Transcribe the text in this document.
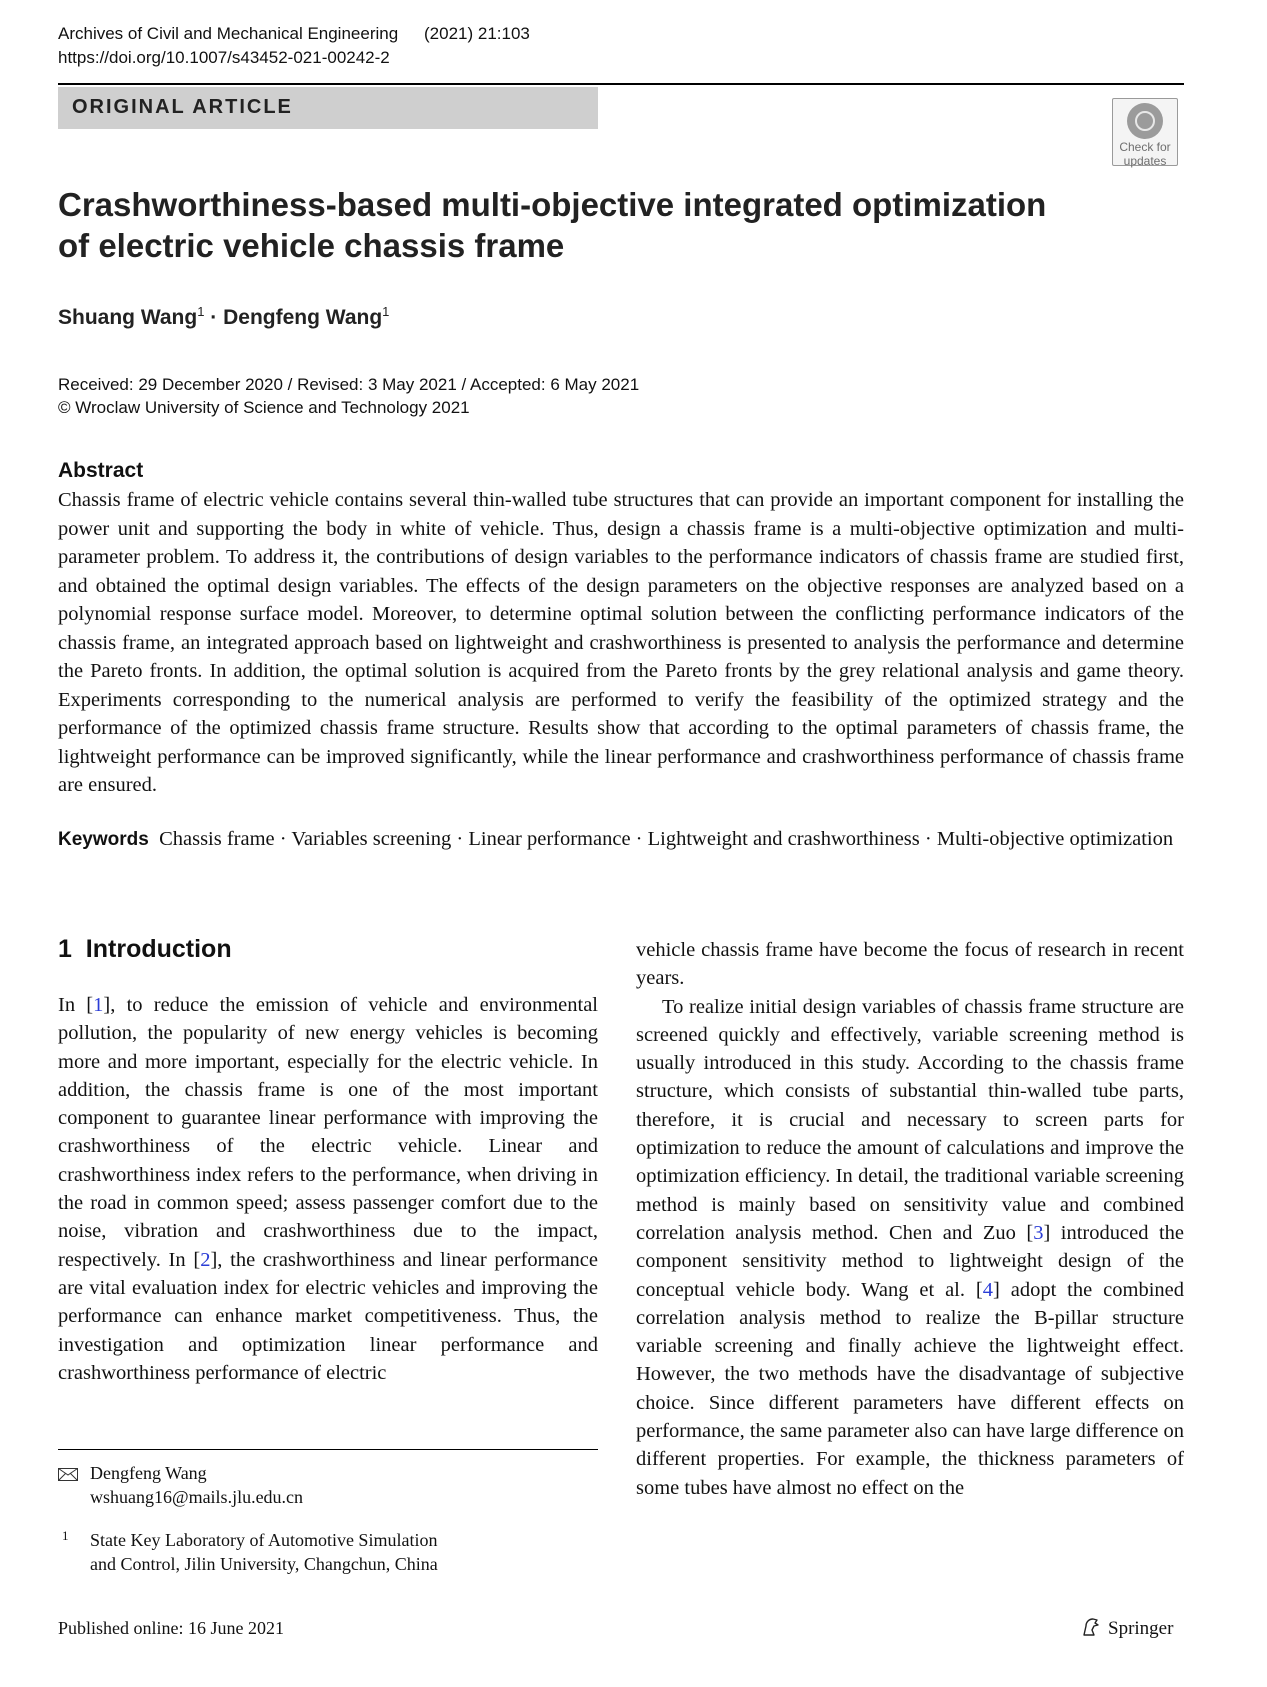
Archives of Civil and Mechanical Engineering (2021) 21:103
https://doi.org/10.1007/s43452-021-00242-2
ORIGINAL ARTICLE
Check for
updates
Crashworthiness-based multi-objective integrated optimization
of electric vehicle chassis frame
Shuang Wang$^1$ · Dengfeng Wang$^1$
Received: 29 December 2020 / Revised: 3 May 2021 / Accepted: 6 May 2021
© Wroclaw University of Science and Technology 2021
Abstract
Chassis frame of electric vehicle contains several thin-walled tube structures that can provide an important component for installing the power unit and supporting the body in white of vehicle. Thus, design a chassis frame is a multi-objective optimization and multi-parameter problem. To address it, the contributions of design variables to the performance indicators of chassis frame are studied first, and obtained the optimal design variables. The effects of the design parameters on the objective responses are analyzed based on a polynomial response surface model. Moreover, to determine optimal solution between the conflicting performance indicators of the chassis frame, an integrated approach based on lightweight and crashworthiness is presented to analysis the performance and determine the Pareto fronts. In addition, the optimal solution is acquired from the Pareto fronts by the grey relational analysis and game theory. Experiments corresponding to the numerical analysis are performed to verify the feasibility of the optimized strategy and the performance of the optimized chassis frame structure. Results show that according to the optimal parameters of chassis frame, the lightweight performance can be improved significantly, while the linear performance and crashworthiness performance of chassis frame are ensured.
Keywords Chassis frame · Variables screening · Linear performance · Lightweight and crashworthiness · Multi-objective optimization
1  Introduction

In [1], to reduce the emission of vehicle and environmental pollution, the popularity of new energy vehicles is becoming more and more important, especially for the electric vehicle. In addition, the chassis frame is one of the most important component to guarantee linear performance with improving the crashworthiness of the electric vehicle. Linear and crashworthiness index refers to the performance, when driving in the road in common speed; assess passenger comfort due to the noise, vibration and crashworthiness due to the impact, respectively. In [2], the crashworthiness and linear performance are vital evaluation index for electric vehicles and improving the performance can enhance market competitiveness. Thus, the investigation and optimization linear performance and crashworthiness performance of electric

vehicle chassis frame have become the focus of research in recent years.

To realize initial design variables of chassis frame structure are screened quickly and effectively, variable screening method is usually introduced in this study. According to the chassis frame structure, which consists of substantial thin-walled tube parts, therefore, it is crucial and necessary to screen parts for optimization to reduce the amount of calculations and improve the optimization efficiency. In detail, the traditional variable screening method is mainly based on sensitivity value and combined correlation analysis method. Chen and Zuo [3] introduced the component sensitivity method to lightweight design of the conceptual vehicle body. Wang et al. [4] adopt the combined correlation analysis method to realize the B-pillar structure variable screening and finally achieve the lightweight effect. However, the two methods have the disadvantage of subjective choice. Since different parameters have different effects on performance, the same parameter also can have large difference on different properties. For example, the thickness parameters of some tubes have almost no effect on the

Dengfeng Wang
wshuang16@mails.jlu.edu.cn
1 State Key Laboratory of Automotive Simulation
and Control, Jilin University, Changchun, China
Published online: 16 June 2021	Springer
